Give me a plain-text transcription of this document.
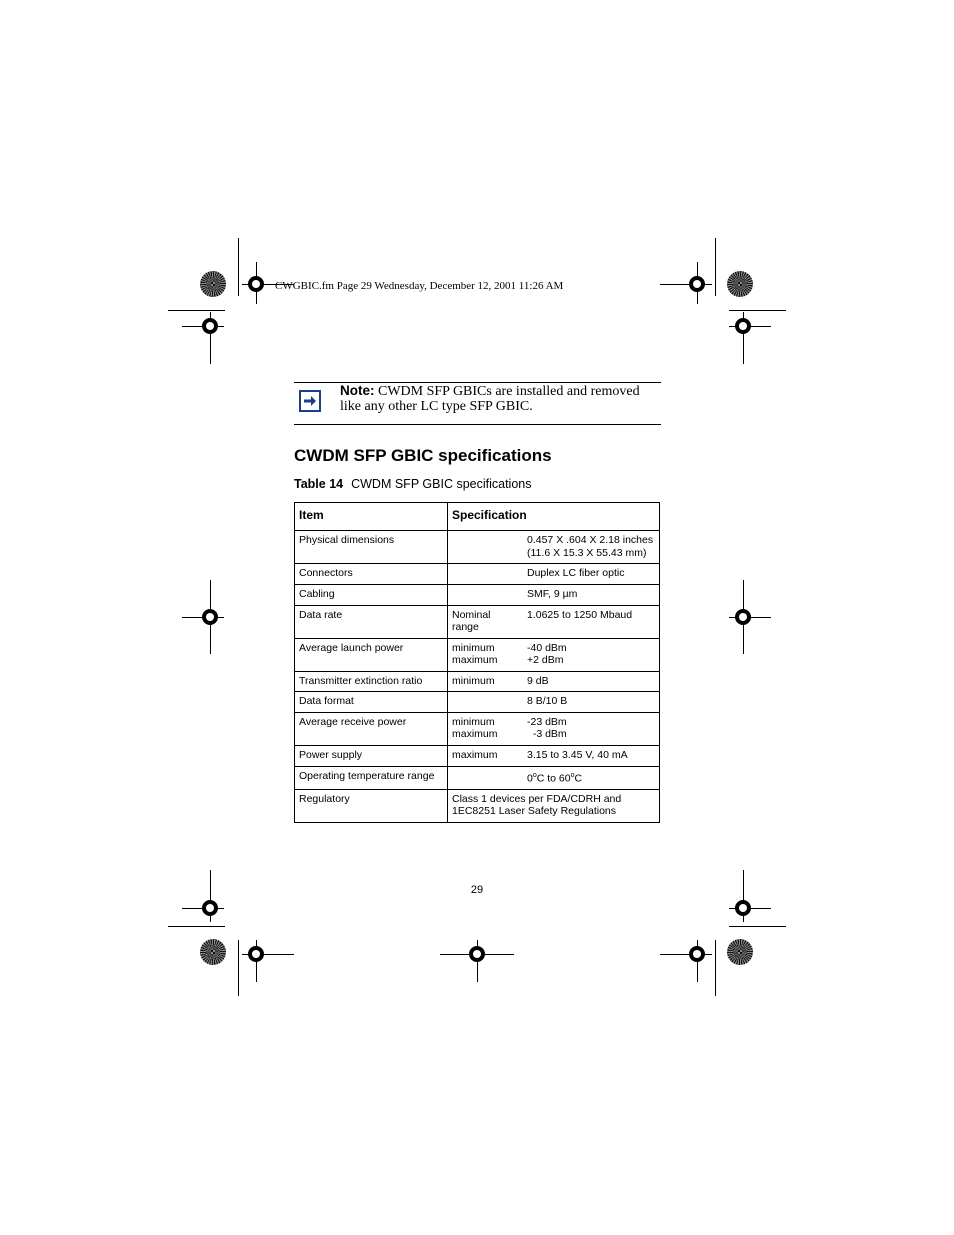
CWGBIC.fm Page 29 Wednesday, December 12, 2001 11:26 AM
Note: CWDM SFP GBICs are installed and removed like any other LC type SFP GBIC.
CWDM SFP GBIC specifications
Table 14 CWDM SFP GBIC specifications
Item	Specification
Physical dimensions	0.457 X .604 X 2.18 inches
(11.6 X 15.3 X 55.43 mm)

Connectors	Duplex LC fiber optic

Cabling	SMF, 9 µm

Data rate	Nominal 1.0625 to 1250 Mbaud
range

Average launch power	minimum -40 dBm
maximum +2 dBm

Transmitter extinction ratio	minimum 9 dB

Data format	8 B/10 B

Average receive power	minimum -23 dBm
maximum -3 dBm

Power supply	maximum 3.15 to 3.45 V, 40 mA

Operating temperature range	0$^o$C to 60$^o$C

Regulatory	Class 1 devices per FDA/CDRH and
1EC8251 Laser Safety Regulations
29
